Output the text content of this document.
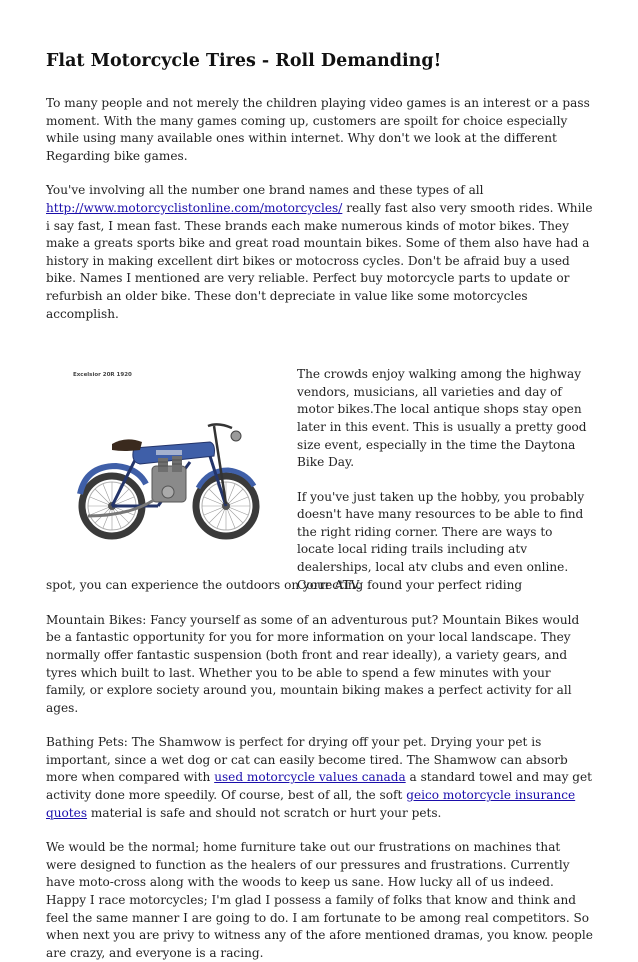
Flat Motorcycle Tires - Roll Demanding!

To many people and not merely the children playing video games is an interest or a pass moment. With the many games coming up, customers are spoilt for choice especially while using many available ones within internet. Why don't we look at the different Regarding bike games.

You've involving all the number one brand names and these types of all http://www.motorcyclistonline.com/motorcycles/ really fast also very smooth rides. While i say fast, I mean fast. These brands each make numerous kinds of motor bikes. They make a greats sports bike and great road mountain bikes. Some of them also have had a history in making excellent dirt bikes or motocross cycles. Don't be afraid buy a used bike. Names I mentioned are very reliable. Perfect buy motorcycle parts to update or refurbish an older bike. These don't depreciate in value like some motorcycles accomplish.

Excelsior 20R 1920	The crowds enjoy walking among the highway vendors, musicians, all varieties and day of motor bikes.The local antique shops stay open later in this event. This is usually a pretty good size event, especially in the time the Daytona Bike Day.

If you've just taken up the hobby, you probably doesn't have many resources to be able to find the right riding corner. There are ways to locate local riding trails including atv dealerships, local atv clubs and even online. Correcting found your perfect riding

spot, you can experience the outdoors on your ATV.

Mountain Bikes: Fancy yourself as some of an adventurous put? Mountain Bikes would be a fantastic opportunity for you for more information on your local landscape. They normally offer fantastic suspension (both front and rear ideally), a variety gears, and tyres which built to last. Whether you to be able to spend a few minutes with your family, or explore society around you, mountain biking makes a perfect activity for all ages.

Bathing Pets: The Shamwow is perfect for drying off your pet. Drying your pet is important, since a wet dog or cat can easily become tired. The Shamwow can absorb more when compared with used motorcycle values canada a standard towel and may get activity done more speedily. Of course, best of all, the soft geico motorcycle insurance quotes material is safe and should not scratch or hurt your pets.

We would be the normal; home furniture take out our frustrations on machines that were designed to function as the healers of our pressures and frustrations. Currently have moto-cross along with the woods to keep us sane. How lucky all of us indeed. Happy I race motorcycles; I'm glad I possess a family of folks that know and think and feel the same manner I are going to do. I am fortunate to be among real competitors. So when next you are privy to witness any of the afore mentioned dramas, you know. people are crazy, and everyone is a racing.
